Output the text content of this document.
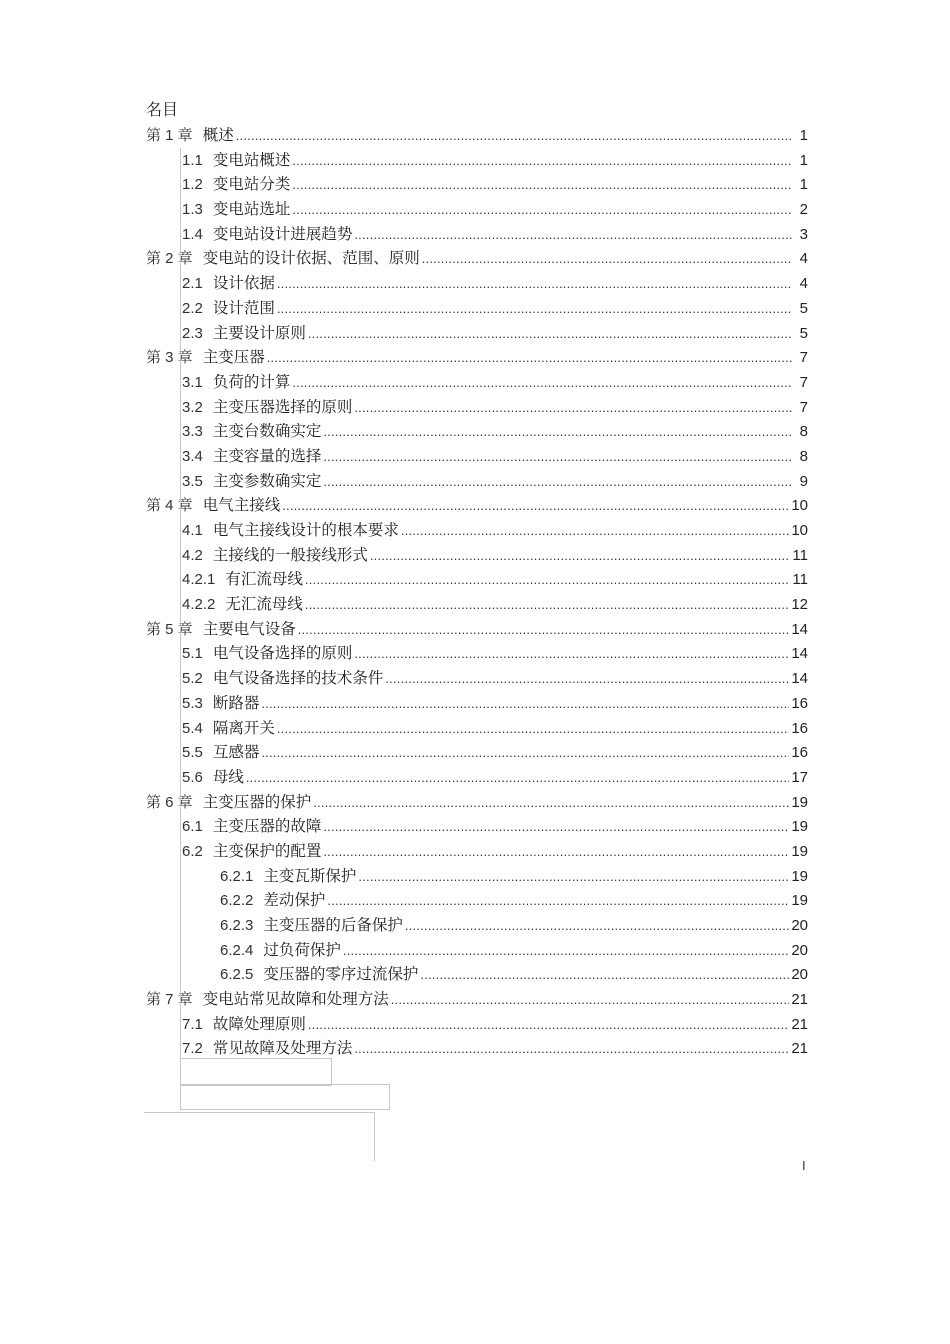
名目
第 1 章 概述 .....	1
1.1 变电站概述 .....	1
1.2 变电站分类 .....	1
1.3 变电站选址 .....	2
1.4 变电站设计进展趋势 .....	3
第 2 章 变电站的设计依据、范围、原则 .....	4
2.1 设计依据 .....	4
2.2 设计范围 .....	5
2.3 主要设计原则 .....	5
第 3 章 主变压器 .....	7
3.1 负荷的计算 .....	7
3.2 主变压器选择的原则 .....	7
3.3 主变台数确实定 .....	8
3.4 主变容量的选择 .....	8
3.5 主变参数确实定 .....	9
第 4 章 电气主接线 .....	10
4.1 电气主接线设计的根本要求 .....	10
4.2 主接线的一般接线形式 .....	11
4.2.1 有汇流母线 .....	11
4.2.2 无汇流母线 .....	12
第 5 章 主要电气设备 .....	14
5.1 电气设备选择的原则 .....	14
5.2 电气设备选择的技术条件 .....	14
5.3 断路器 .....	16
5.4 隔离开关 .....	16
5.5 互感器 .....	16
5.6 母线 .....	17
第 6 章 主变压器的保护 .....	19
6.1 主变压器的故障 .....	19
6.2 主变保护的配置 .....	19
6.2.1 主变瓦斯保护 .....	19
6.2.2 差动保护 .....	19
6.2.3 主变压器的后备保护 .....	20
6.2.4 过负荷保护 .....	20
6.2.5 变压器的零序过流保护 .....	20
第 7 章 变电站常见故障和处理方法 .....	21
7.1 故障处理原则 .....	21
7.2 常见故障及处理方法 .....	21
I
